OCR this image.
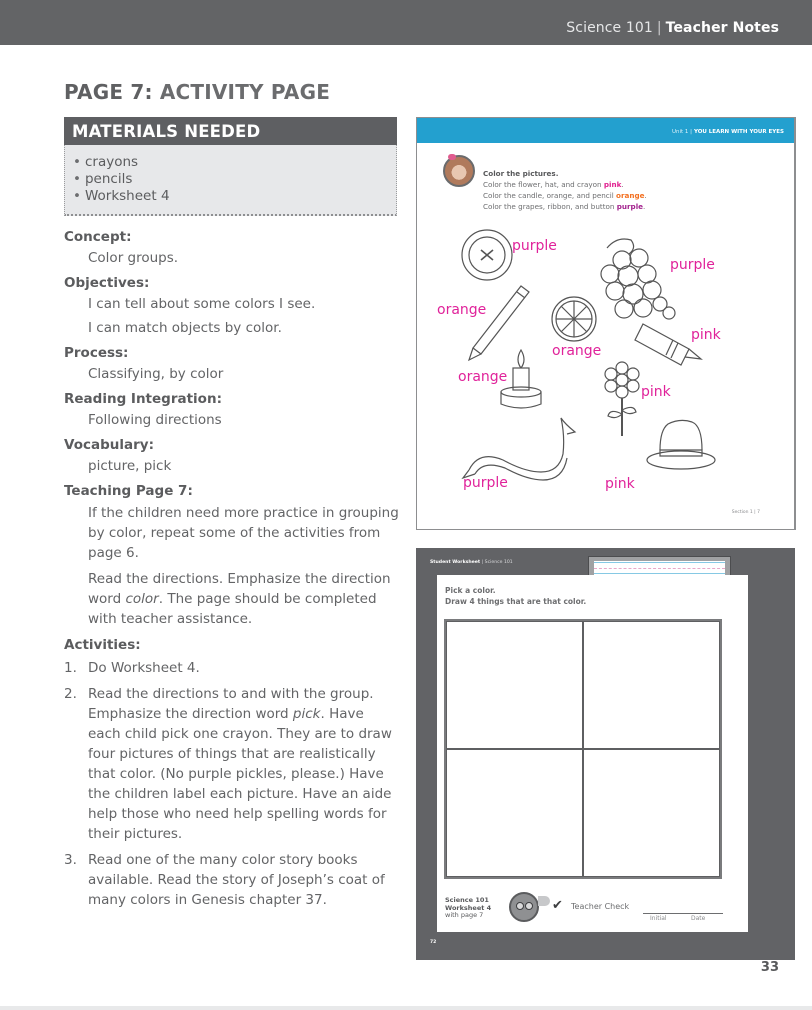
Science 101 | Teacher Notes
PAGE 7: ACTIVITY PAGE
MATERIALS NEEDED
• crayons
• pencils
• Worksheet 4
Concept:
Color groups.
Objectives:
I can tell about some colors I see.
I can match objects by color.
Process:
Classifying, by color
Reading Integration:
Following directions
Vocabulary:
picture, pick
Teaching Page 7:
If the children need more practice in grouping by color, repeat some of the activities from page 6.
Read the directions. Emphasize the direction word color. The page should be completed with teacher assistance.
Activities:
1. Do Worksheet 4.
2. Read the directions to and with the group. Emphasize the direction word pick. Have each child pick one crayon. They are to draw four pictures of things that are realistically that color. (No purple pickles, please.) Have the children label each picture. Have an aide help those who need help spelling words for their pictures.
3. Read one of the many color story books available. Read the story of Joseph’s coat of many colors in Genesis chapter 37.
Unit 1 | YOU LEARN WITH YOUR EYES
Color the pictures.
Color the flower, hat, and crayon pink.
Color the candle, orange, and pencil orange.
Color the grapes, ribbon, and button purple.
purple
purple
orange
orange
pink
orange
pink
purple	pink
Section 1 | 7
Student Worksheet | Science 101
Pick a color.
Draw 4 things that are that color.
Science 101
Worksheet 4
with page 7
✔ Teacher Check
Initial	Date
72
33
